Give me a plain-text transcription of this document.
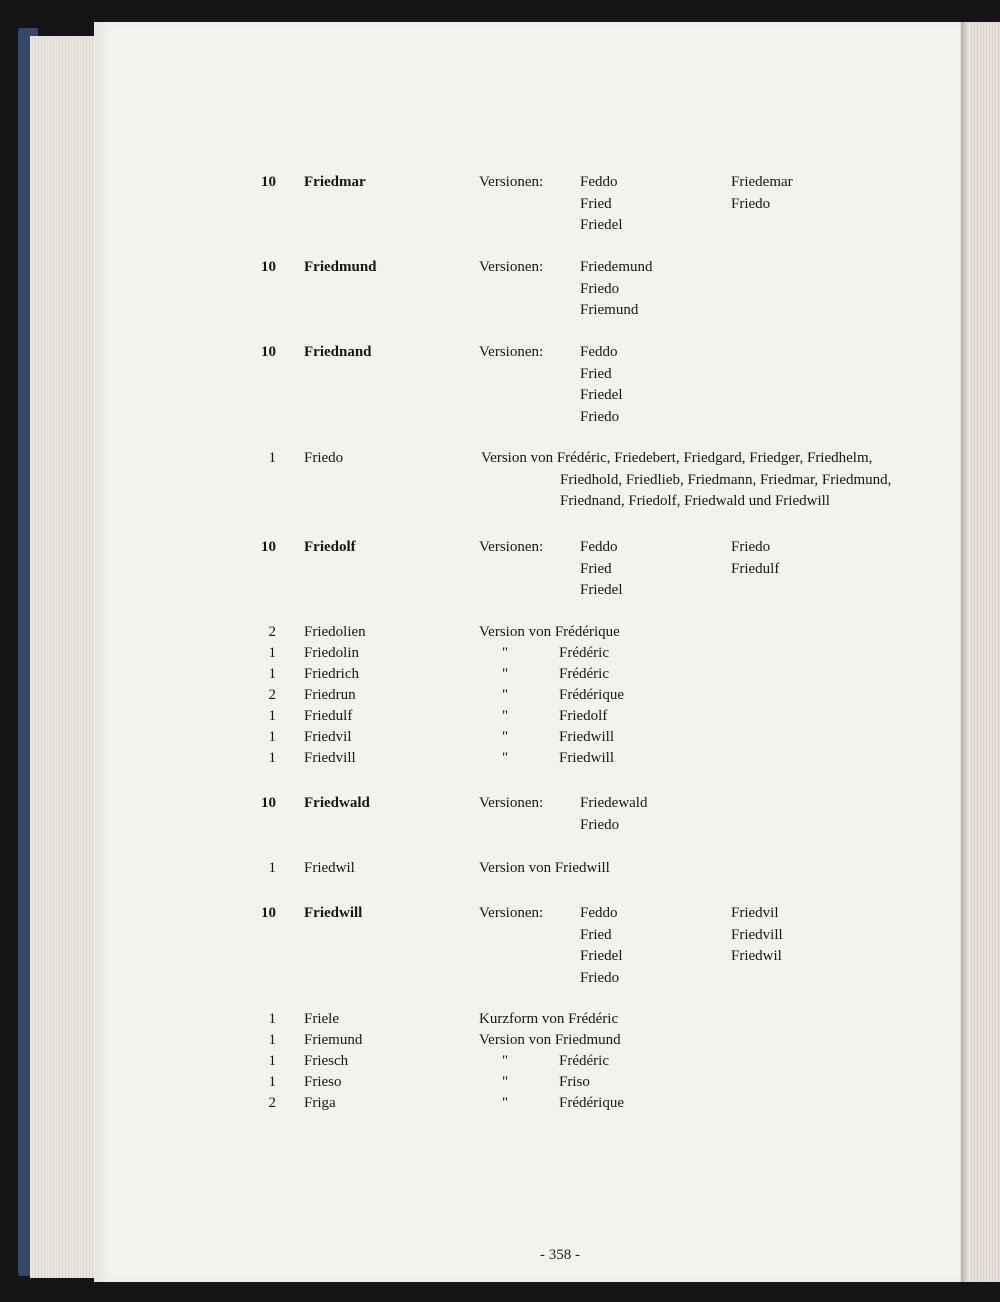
10 Friedmar	Versionen: Feddo
Fried
Friedel
Friedemar
Friedo
10 Friedmund	Versionen: Friedemund
Friedo
Friemund
10 Friednand	Versionen: Feddo
Fried
Friedel
Friedo
1 Friedo	Version von Frédéric, Friedebert, Friedgard, Friedger, Friedhelm,
Friedhold, Friedlieb, Friedmann, Friedmar, Friedmund,
Friednand, Friedolf, Friedwald und Friedwill
10 Friedolf	Versionen: Feddo
Fried
Friedel
Friedo
Friedulf
2 Friedolien	Version von Frédérique
1 Friedolin	"	Frédéric
1 Friedrich	"	Frédéric
2 Friedrun	"	Frédérique
1 Friedulf	"	Friedolf
1 Friedvil	"	Friedwill
1 Friedvill	"	Friedwill
10 Friedwald	Versionen: Friedewald
Friedo
1 Friedwil	Version von Friedwill
10 Friedwill	Versionen: Feddo
Fried
Friedel
Friedo
Friedvil
Friedvill
Friedwil
1 Friele	Kurzform von Frédéric
1 Friemund	Version von Friedmund
1 Friesch	"	Frédéric
1 Frieso	"	Friso
2 Friga	"	Frédérique
- 358 -
